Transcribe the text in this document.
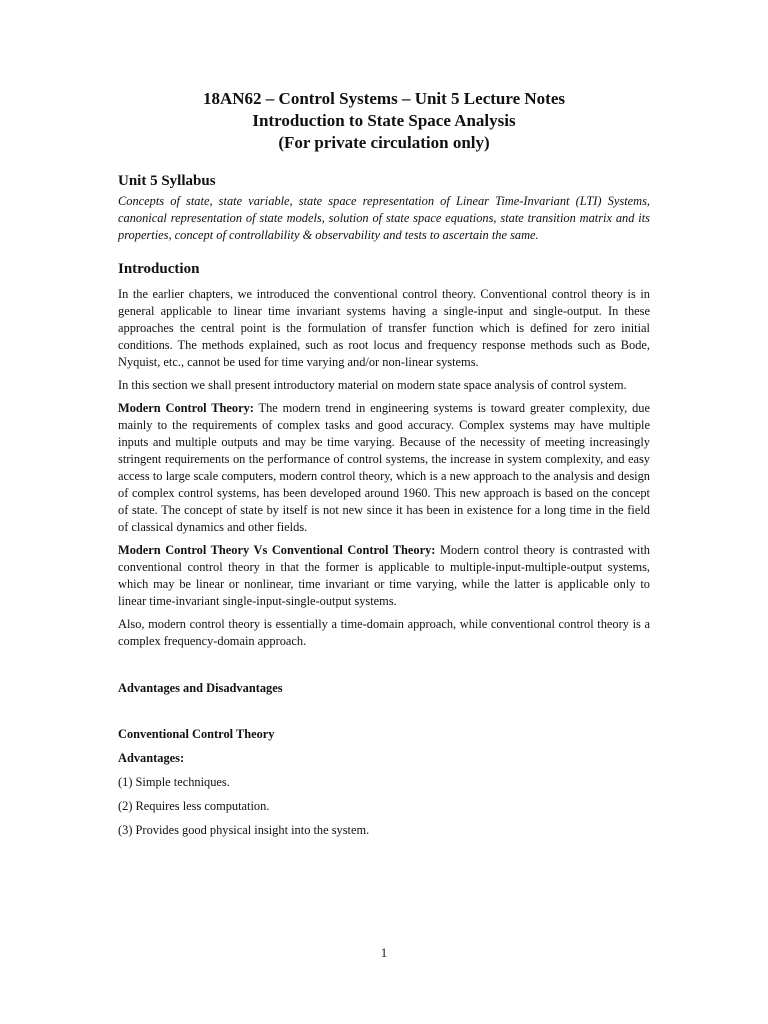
18AN62 – Control Systems – Unit 5 Lecture Notes
Introduction to State Space Analysis
(For private circulation only)
Unit 5 Syllabus
Concepts of state, state variable, state space representation of Linear Time-Invariant (LTI) Systems, canonical representation of state models, solution of state space equations, state transition matrix and its properties, concept of controllability & observability and tests to ascertain the same.
Introduction

In the earlier chapters, we introduced the conventional control theory. Conventional control theory is in general applicable to linear time invariant systems having a single-input and single-output. In these approaches the central point is the formulation of transfer function which is defined for zero initial conditions. The methods explained, such as root locus and frequency response methods such as Bode, Nyquist, etc., cannot be used for time varying and/or non-linear systems.

In this section we shall present introductory material on modern state space analysis of control system.

Modern Control Theory: The modern trend in engineering systems is toward greater complexity, due mainly to the requirements of complex tasks and good accuracy. Complex systems may have multiple inputs and multiple outputs and may be time varying. Because of the necessity of meeting increasingly stringent requirements on the performance of control systems, the increase in system complexity, and easy access to large scale computers, modern control theory, which is a new approach to the analysis and design of complex control systems, has been developed around 1960. This new approach is based on the concept of state. The concept of state by itself is not new since it has been in existence for a long time in the field of classical dynamics and other fields.

Modern Control Theory Vs Conventional Control Theory: Modern control theory is contrasted with conventional control theory in that the former is applicable to multiple-input-multiple-output systems, which may be linear or nonlinear, time invariant or time varying, while the latter is applicable only to linear time-invariant single-input-single-output systems.

Also, modern control theory is essentially a time-domain approach, while conventional control theory is a complex frequency-domain approach.

Advantages and Disadvantages
Conventional Control Theory
Advantages:
(1) Simple techniques.
(2) Requires less computation.
(3) Provides good physical insight into the system.
1
